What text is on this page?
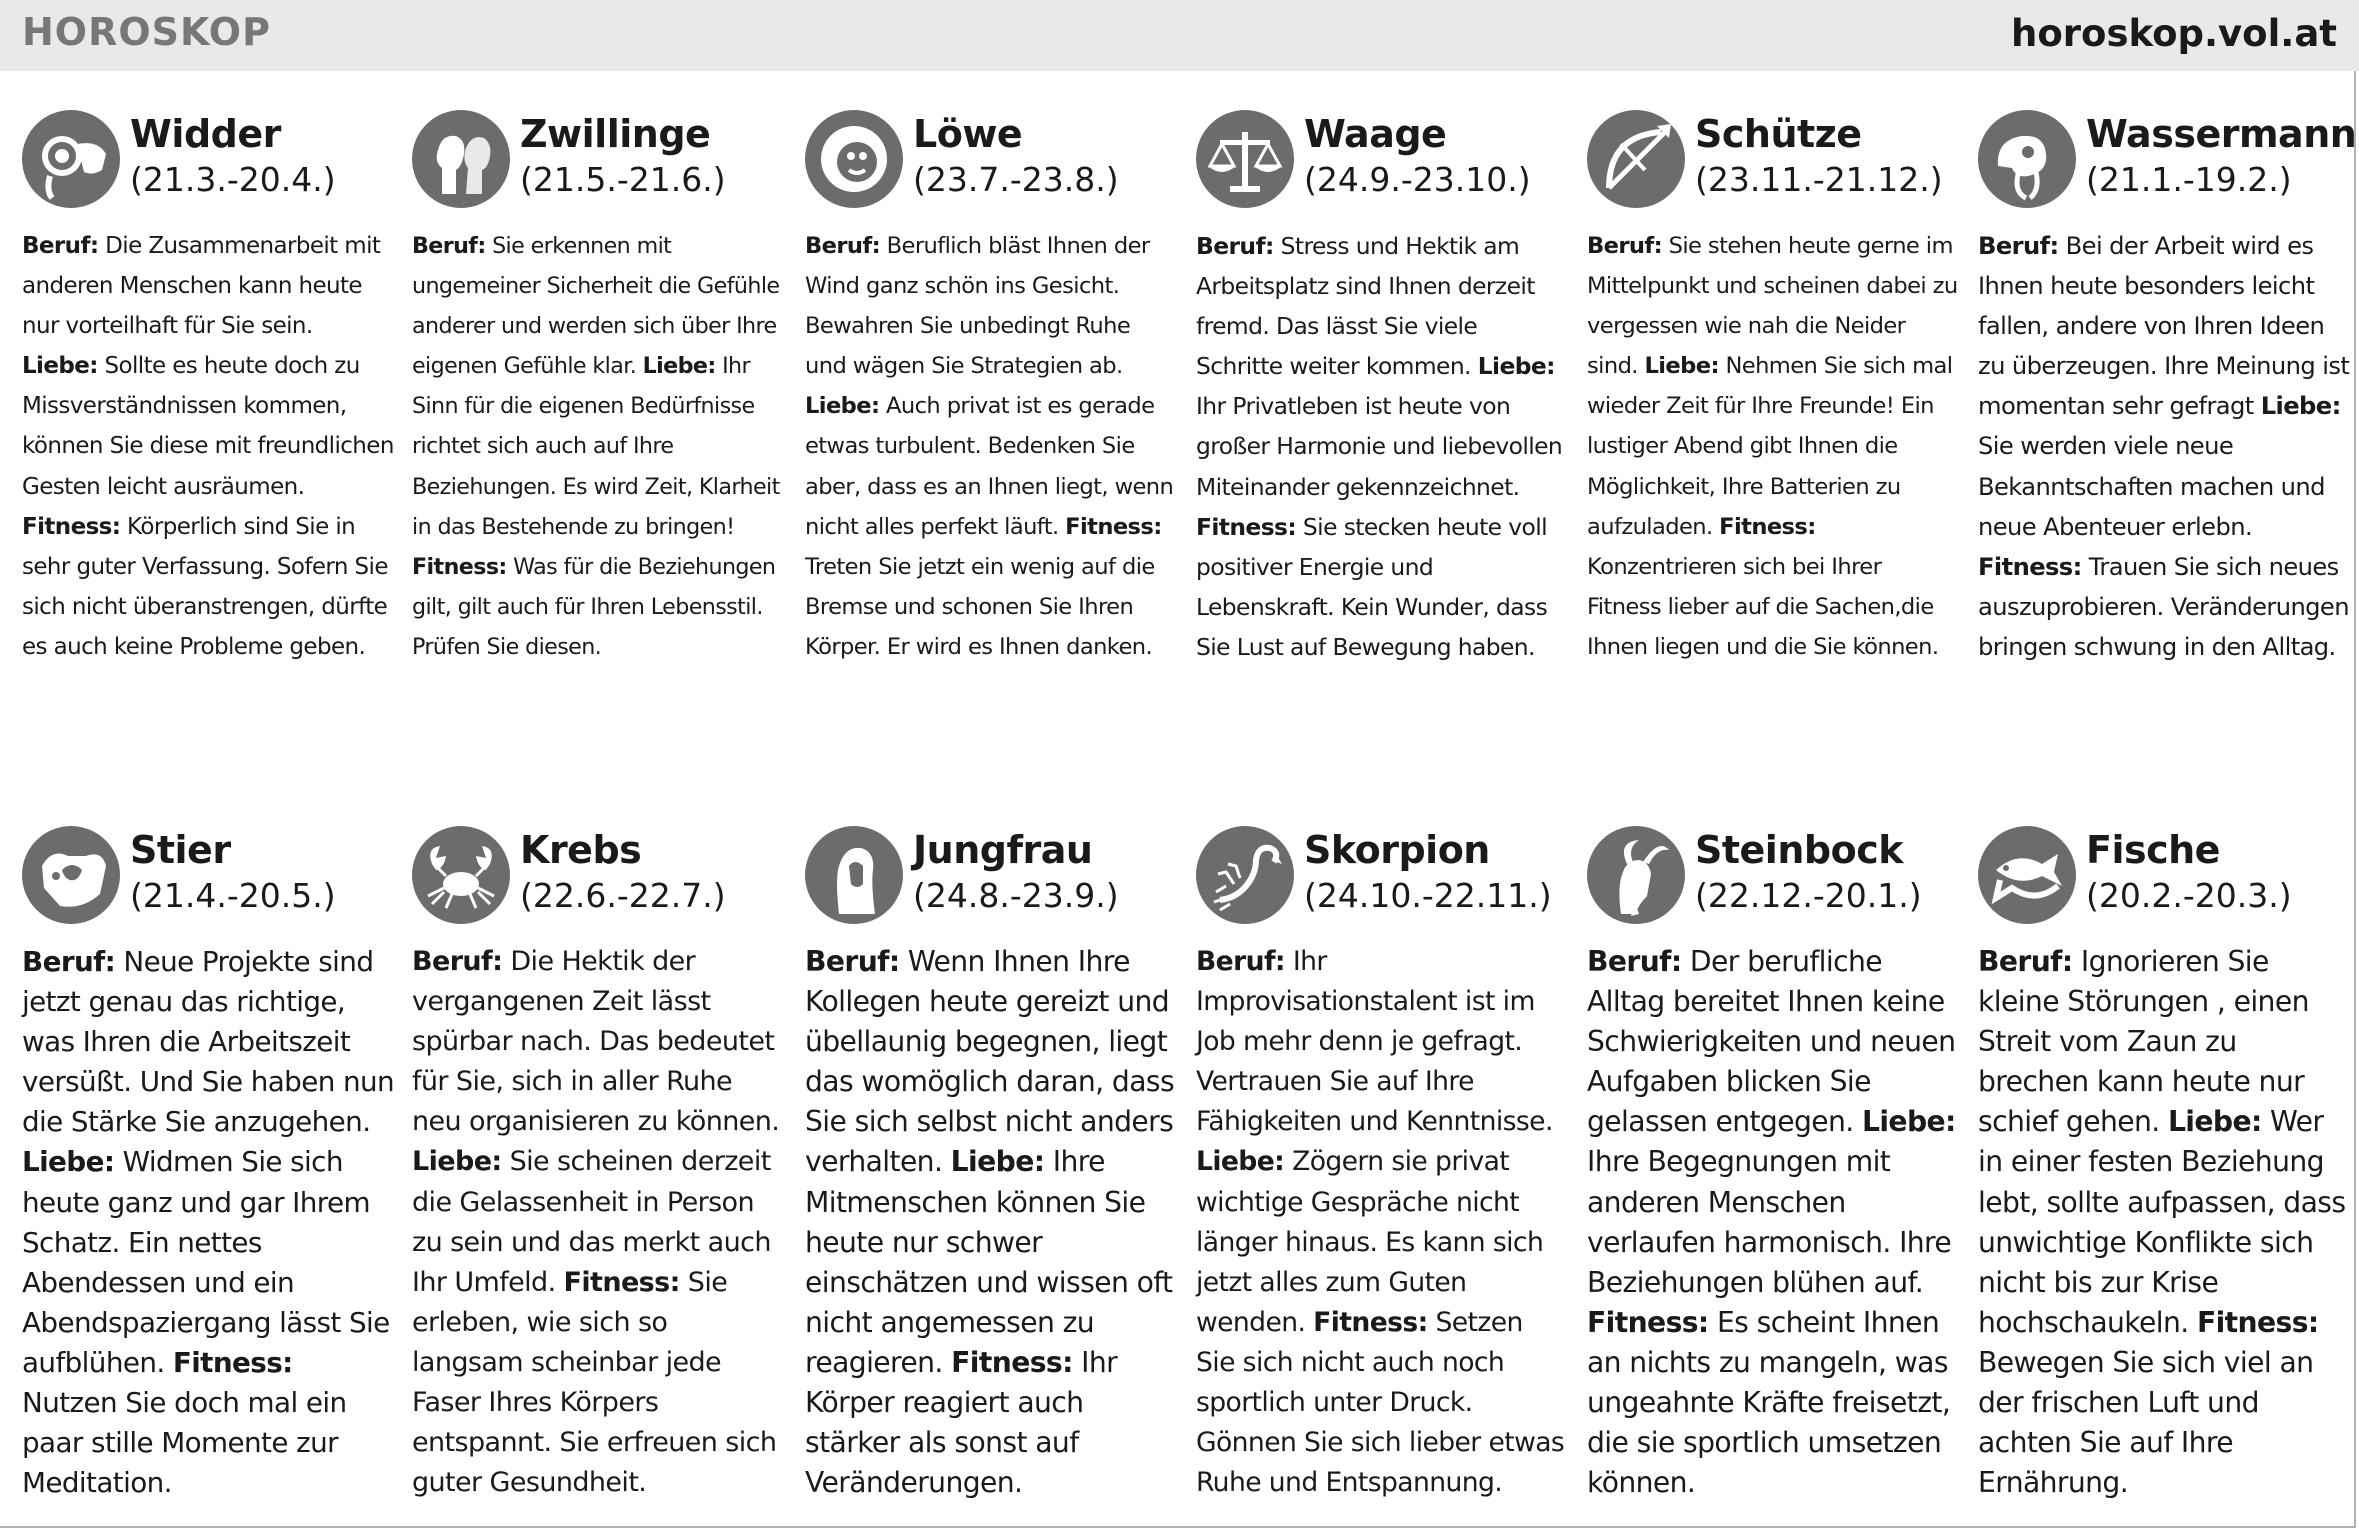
HOROSKOP	horoskop.vol.at
Widder
(21.3.-20.4.)
Beruf: Die Zusammenarbeit mit anderen Menschen kann heute nur vorteilhaft für Sie sein. Liebe: Sollte es heute doch zu Missverständnissen kommen, können Sie diese mit freundlichen Gesten leicht ausräumen. Fitness: Körperlich sind Sie in sehr guter Verfassung. Sofern Sie sich nicht überanstrengen, dürfte es auch keine Probleme geben.
Zwillinge
(21.5.-21.6.)
Beruf: Sie erkennen mit ungemeiner Sicherheit die Gefühle anderer und werden sich über Ihre eigenen Gefühle klar. Liebe: Ihr Sinn für die eigenen Bedürfnisse richtet sich auch auf Ihre Beziehungen. Es wird Zeit, Klarheit in das Bestehende zu bringen! Fitness: Was für die Beziehungen gilt, gilt auch für Ihren Lebensstil. Prüfen Sie diesen.
Löwe
(23.7.-23.8.)
Beruf: Beruflich bläst Ihnen der Wind ganz schön ins Gesicht. Bewahren Sie unbedingt Ruhe und wägen Sie Strategien ab. Liebe: Auch privat ist es gerade etwas turbulent. Bedenken Sie aber, dass es an Ihnen liegt, wenn nicht alles perfekt läuft. Fitness: Treten Sie jetzt ein wenig auf die Bremse und schonen Sie Ihren Körper. Er wird es Ihnen danken.
Waage
(24.9.-23.10.)
Beruf: Stress und Hektik am Arbeitsplatz sind Ihnen derzeit fremd. Das lässt Sie viele Schritte weiter kommen. Liebe: Ihr Privatleben ist heute von großer Harmonie und liebevollen Miteinander gekennzeichnet. Fitness: Sie stecken heute voll positiver Energie und Lebenskraft. Kein Wunder, dass Sie Lust auf Bewegung haben.
Schütze
(23.11.-21.12.)
Beruf: Sie stehen heute gerne im Mittelpunkt und scheinen dabei zu vergessen wie nah die Neider sind. Liebe: Nehmen Sie sich mal wieder Zeit für Ihre Freunde! Ein lustiger Abend gibt Ihnen die Möglichkeit, Ihre Batterien zu aufzuladen. Fitness: Konzentrieren sich bei Ihrer Fitness lieber auf die Sachen,die Ihnen liegen und die Sie können.
Wassermann
(21.1.-19.2.)
Beruf: Bei der Arbeit wird es Ihnen heute besonders leicht fallen, andere von Ihren Ideen zu überzeugen. Ihre Meinung ist momentan sehr gefragt Liebe: Sie werden viele neue Bekanntschaften machen und neue Abenteuer erlebn. Fitness: Trauen Sie sich neues auszuprobieren. Veränderungen bringen schwung in den Alltag.
Stier
(21.4.-20.5.)
Beruf: Neue Projekte sind jetzt genau das richtige, was Ihren die Arbeitszeit versüßt. Und Sie haben nun die Stärke Sie anzugehen. Liebe: Widmen Sie sich heute ganz und gar Ihrem Schatz. Ein nettes Abendessen und ein Abendspaziergang lässt Sie aufblühen. Fitness: Nutzen Sie doch mal ein paar stille Momente zur Meditation.
Krebs
(22.6.-22.7.)
Beruf: Die Hektik der vergangenen Zeit lässt spürbar nach. Das bedeutet für Sie, sich in aller Ruhe neu organisieren zu können. Liebe: Sie scheinen derzeit die Gelassenheit in Person zu sein und das merkt auch Ihr Umfeld. Fitness: Sie erleben, wie sich so langsam scheinbar jede Faser Ihres Körpers entspannt. Sie erfreuen sich guter Gesundheit.
Jungfrau
(24.8.-23.9.)
Beruf: Wenn Ihnen Ihre Kollegen heute gereizt und übellaunig begegnen, liegt das womöglich daran, dass Sie sich selbst nicht anders verhalten. Liebe: Ihre Mitmenschen können Sie heute nur schwer einschätzen und wissen oft nicht angemessen zu reagieren. Fitness: Ihr Körper reagiert auch stärker als sonst auf Veränderungen.
Skorpion
(24.10.-22.11.)
Beruf: Ihr Improvisationstalent ist im Job mehr denn je gefragt. Vertrauen Sie auf Ihre Fähigkeiten und Kenntnisse. Liebe: Zögern sie privat wichtige Gespräche nicht länger hinaus. Es kann sich jetzt alles zum Guten wenden. Fitness: Setzen Sie sich nicht auch noch sportlich unter Druck. Gönnen Sie sich lieber etwas Ruhe und Entspannung.
Steinbock
(22.12.-20.1.)
Beruf: Der berufliche Alltag bereitet Ihnen keine Schwierigkeiten und neuen Aufgaben blicken Sie gelassen entgegen. Liebe: Ihre Begegnungen mit anderen Menschen verlaufen harmonisch. Ihre Beziehungen blühen auf. Fitness: Es scheint Ihnen an nichts zu mangeln, was ungeahnte Kräfte freisetzt, die sie sportlich umsetzen können.
Fische
(20.2.-20.3.)
Beruf: Ignorieren Sie kleine Störungen , einen Streit vom Zaun zu brechen kann heute nur schief gehen. Liebe: Wer in einer festen Beziehung lebt, sollte aufpassen, dass unwichtige Konflikte sich nicht bis zur Krise hochschaukeln. Fitness: Bewegen Sie sich viel an der frischen Luft und achten Sie auf Ihre Ernährung.
